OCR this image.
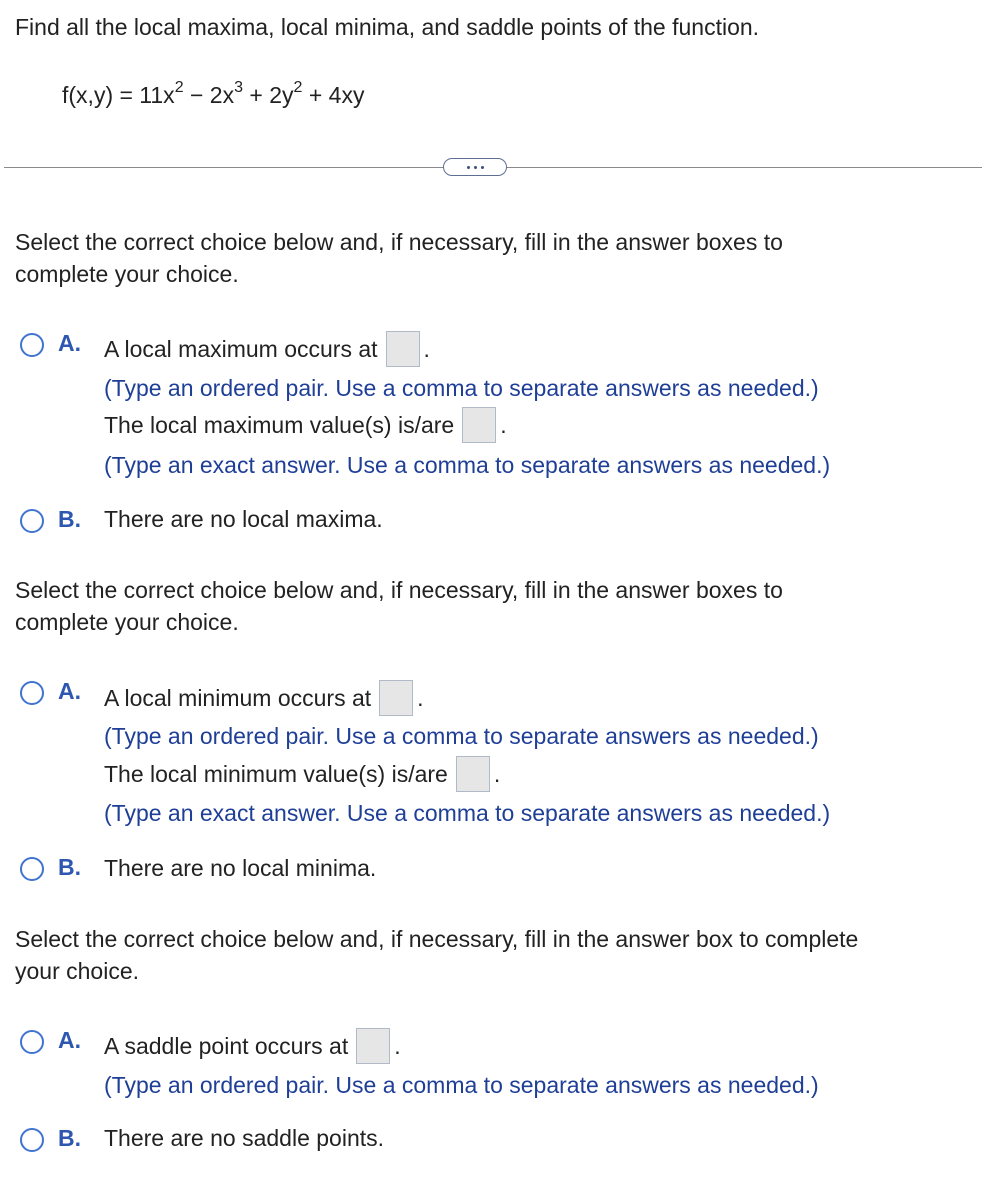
Find all the local maxima, local minima, and saddle points of the function.
$f(x,y) = 11x^2 - 2x^3 + 2y^2 + 4xy$
Select the correct choice below and, if necessary, fill in the answer boxes to
complete your choice.
A. A local maximum occurs at .
(Type an ordered pair. Use a comma to separate answers as needed.)
The local maximum value(s) is/are .
(Type an exact answer. Use a comma to separate answers as needed.)
B. There are no local maxima.
Select the correct choice below and, if necessary, fill in the answer boxes to
complete your choice.
A. A local minimum occurs at .
(Type an ordered pair. Use a comma to separate answers as needed.)
The local minimum value(s) is/are .
(Type an exact answer. Use a comma to separate answers as needed.)
B. There are no local minima.
Select the correct choice below and, if necessary, fill in the answer box to complete
your choice.
A. A saddle point occurs at .
(Type an ordered pair. Use a comma to separate answers as needed.)
B. There are no saddle points.
